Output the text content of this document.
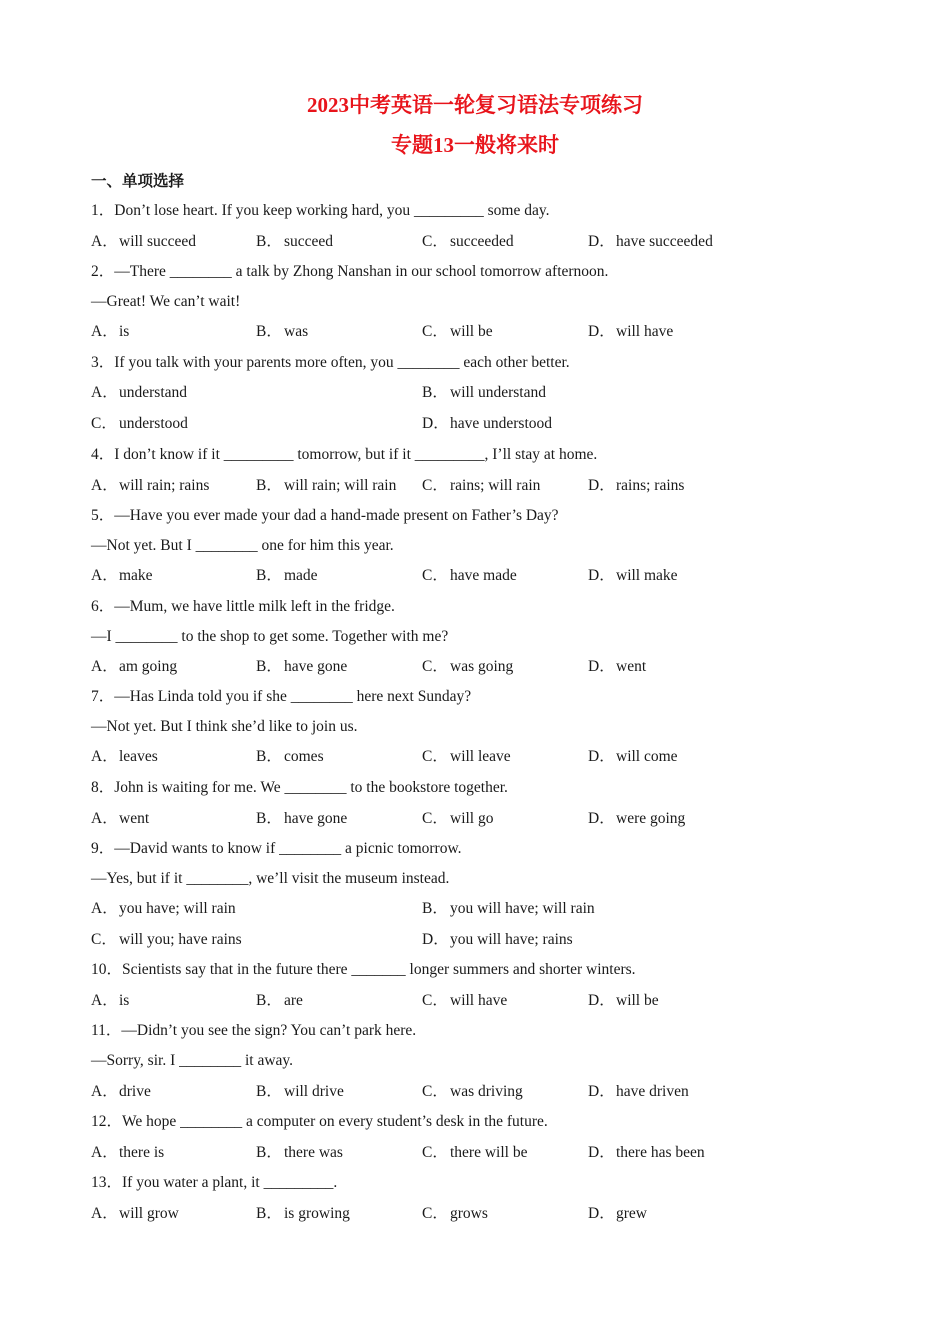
2023中考英语一轮复习语法专项练习
专题13一般将来时
一、单项选择
1．Don’t lose heart. If you keep working hard, you _________ some day.
A．will succeed	B． succeed	C． succeeded	D．have succeeded
2．—There ________ a talk by Zhong Nanshan in our school tomorrow afternoon.
—Great! We can’t wait!
A．is	B． was	C． will be	D．will have
3．If you talk with your parents more often, you ________ each other better.
A．understand	B． will understand
C． understood	D．have understood
4．I don’t know if it _________ tomorrow, but if it _________, I’ll stay at home.
A．will rain; rains	B． will rain; will rain C． rains; will rain	D．rains; rains
5．—Have you ever made your dad a hand-made present on Father’s Day?
—Not yet. But I ________ one for him this year.
A．make	B． made	C． have made	D．will make
6．—Mum, we have little milk left in the fridge.
—I ________ to the shop to get some. Together with me?
A．am going	B． have gone	C． was going	D．went
7．—Has Linda told you if she ________ here next Sunday?
—Not yet. But I think she’d like to join us.
A．leaves	B． comes	C． will leave	D．will come
8．John is waiting for me. We ________ to the bookstore together.
A．went	B． have gone	C． will go	D．were going
9．—David wants to know if ________ a picnic tomorrow.
—Yes, but if it ________, we’ll visit the museum instead.
A．you have; will rain	B． you will have; will rain
C． will you; have rains	D．you will have; rains
10．Scientists say that in the future there _______ longer summers and shorter winters.
A．is	B． are	C． will have	D．will be
11．—Didn’t you see the sign? You can’t park here.
—Sorry, sir. I ________ it away.
A．drive	B． will drive	C． was driving	D．have driven
12．We hope ________ a computer on every student’s desk in the future.
A．there is	B． there was	C． there will be	D．there has been
13．If you water a plant, it _________.
A．will grow	B． is growing	C． grows	D．grew
